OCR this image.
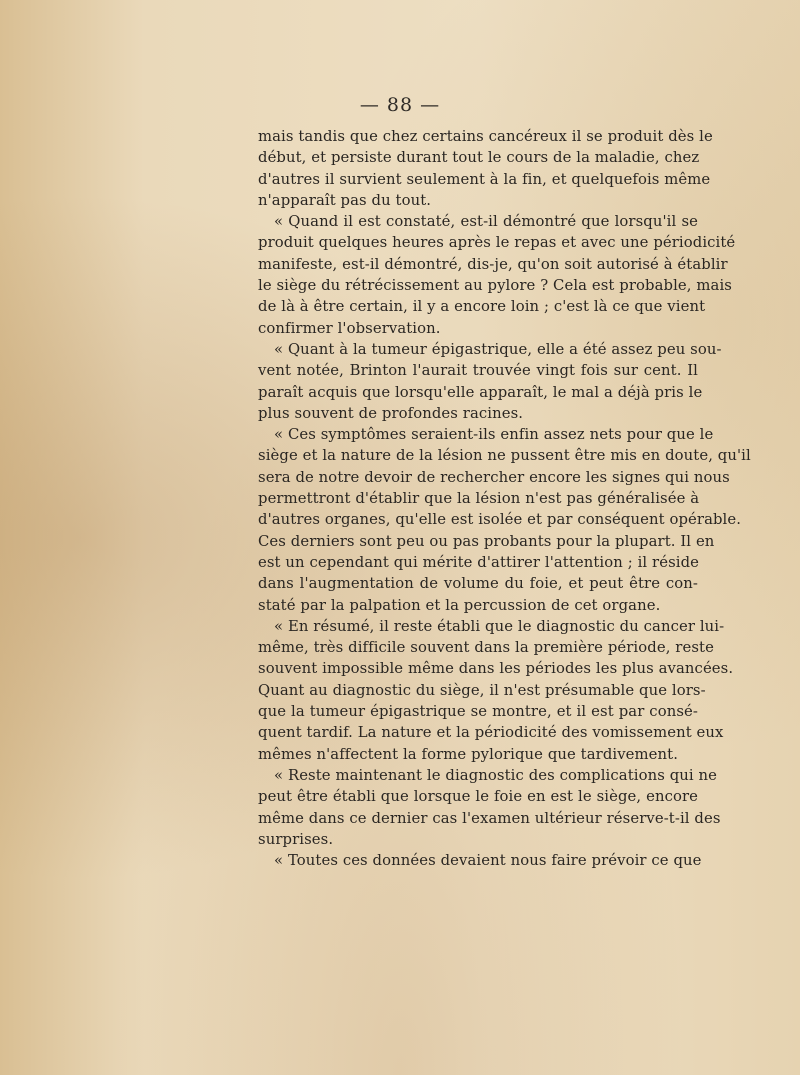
— 88 —
mais tandis que chez certains cancéreux il se produit dès le
début, et persiste durant tout le cours de la maladie, chez
d'autres il survient seulement à la fin, et quelquefois même
n'apparaît pas du tout.
« Quand il est constaté, est-il démontré que lorsqu'il se
produit quelques heures après le repas et avec une périodicité
manifeste, est-il démontré, dis-je, qu'on soit autorisé à établir
le siège du rétrécissement au pylore ? Cela est probable, mais
de là à être certain, il y a encore loin ; c'est là ce que vient
confirmer l'observation.
« Quant à la tumeur épigastrique, elle a été assez peu sou-
vent notée, Brinton l'aurait trouvée vingt fois sur cent. Il
paraît acquis que lorsqu'elle apparaît, le mal a déjà pris le
plus souvent de profondes racines.
« Ces symptômes seraient-ils enfin assez nets pour que le
siège et la nature de la lésion ne pussent être mis en doute, qu'il
sera de notre devoir de rechercher encore les signes qui nous
permettront d'établir que la lésion n'est pas généralisée à
d'autres organes, qu'elle est isolée et par conséquent opérable.
Ces derniers sont peu ou pas probants pour la plupart. Il en
est un cependant qui mérite d'attirer l'attention ; il réside
dans l'augmentation de volume du foie, et peut être con-
staté par la palpation et la percussion de cet organe.
« En résumé, il reste établi que le diagnostic du cancer lui-
même, très difficile souvent dans la première période, reste
souvent impossible même dans les périodes les plus avancées.
Quant au diagnostic du siège, il n'est présumable que lors-
que la tumeur épigastrique se montre, et il est par consé-
quent tardif. La nature et la périodicité des vomissement eux
mêmes n'affectent la forme pylorique que tardivement.
« Reste maintenant le diagnostic des complications qui ne
peut être établi que lorsque le foie en est le siège, encore
même dans ce dernier cas l'examen ultérieur réserve-t-il des
surprises.
« Toutes ces données devaient nous faire prévoir ce que
